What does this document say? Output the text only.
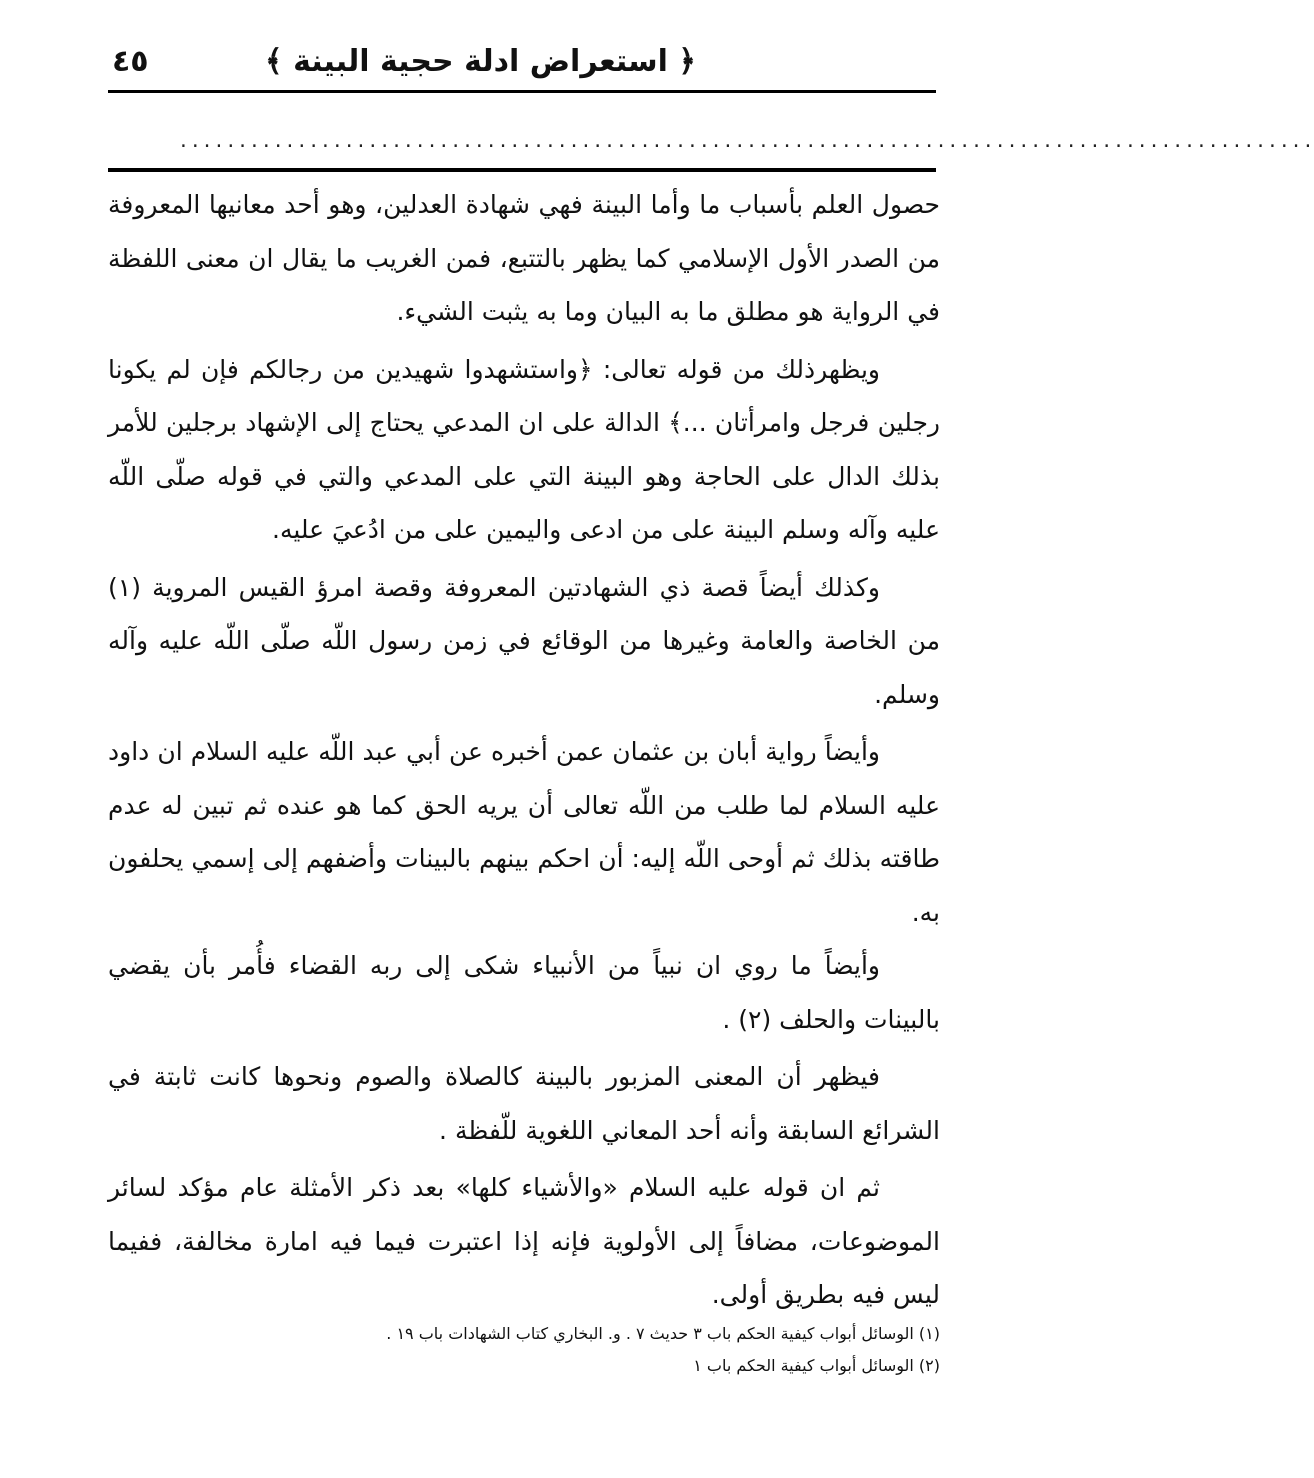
﴿ استعراض ادلة حجية البينة ﴾
٤٥
................................................................................................

حصول العلم بأسباب ما وأما البينة فهي شهادة العدلين، وهو أحد معانيها المعروفة من الصدر الأول الإسلامي كما يظهر بالتتبع، فمن الغريب ما يقال ان معنى اللفظة في الرواية هو مطلق ما به البيان وما به يثبت الشيء.

ويظهرذلك من قوله تعالى: ﴿واستشهدوا شهيدين من رجالكم فإن لم يكونا رجلين فرجل وامرأتان ...﴾ الدالة على ان المدعي يحتاج إلى الإشهاد برجلين للأمر بذلك الدال على الحاجة وهو البينة التي على المدعي والتي في قوله صلّى اللّه عليه وآله وسلم البينة على من ادعى واليمين على من ادُعيَ عليه.

وكذلك أيضاً قصة ذي الشهادتين المعروفة وقصة امرؤ القيس المروية (١) من الخاصة والعامة وغيرها من الوقائع في زمن رسول اللّه صلّى اللّه عليه وآله وسلم.

وأيضاً رواية أبان بن عثمان عمن أخبره عن أبي عبد اللّه عليه السلام ان داود عليه السلام لما طلب من اللّه تعالى أن يريه الحق كما هو عنده ثم تبين له عدم طاقته بذلك ثم أوحى اللّه إليه: أن احكم بينهم بالبينات وأضفهم إلى إسمي يحلفون به.

وأيضاً ما روي ان نبياً من الأنبياء شكى إلى ربه القضاء فأُمر بأن يقضي بالبينات والحلف (٢) .

فيظهر أن المعنى المزبور بالبينة كالصلاة والصوم ونحوها كانت ثابتة في الشرائع السابقة وأنه أحد المعاني اللغوية للّفظة .

ثم ان قوله عليه السلام «والأشياء كلها» بعد ذكر الأمثلة عام مؤكد لسائر الموضوعات، مضافاً إلى الأولوية فإنه إذا اعتبرت فيما فيه امارة مخالفة، ففيما ليس فيه بطريق أولى.

(١) الوسائل أبواب كيفية الحكم باب ٣ حديث ٧ . و. البخاري كتاب الشهادات باب ١٩ .

(٢) الوسائل أبواب كيفية الحكم باب ١
